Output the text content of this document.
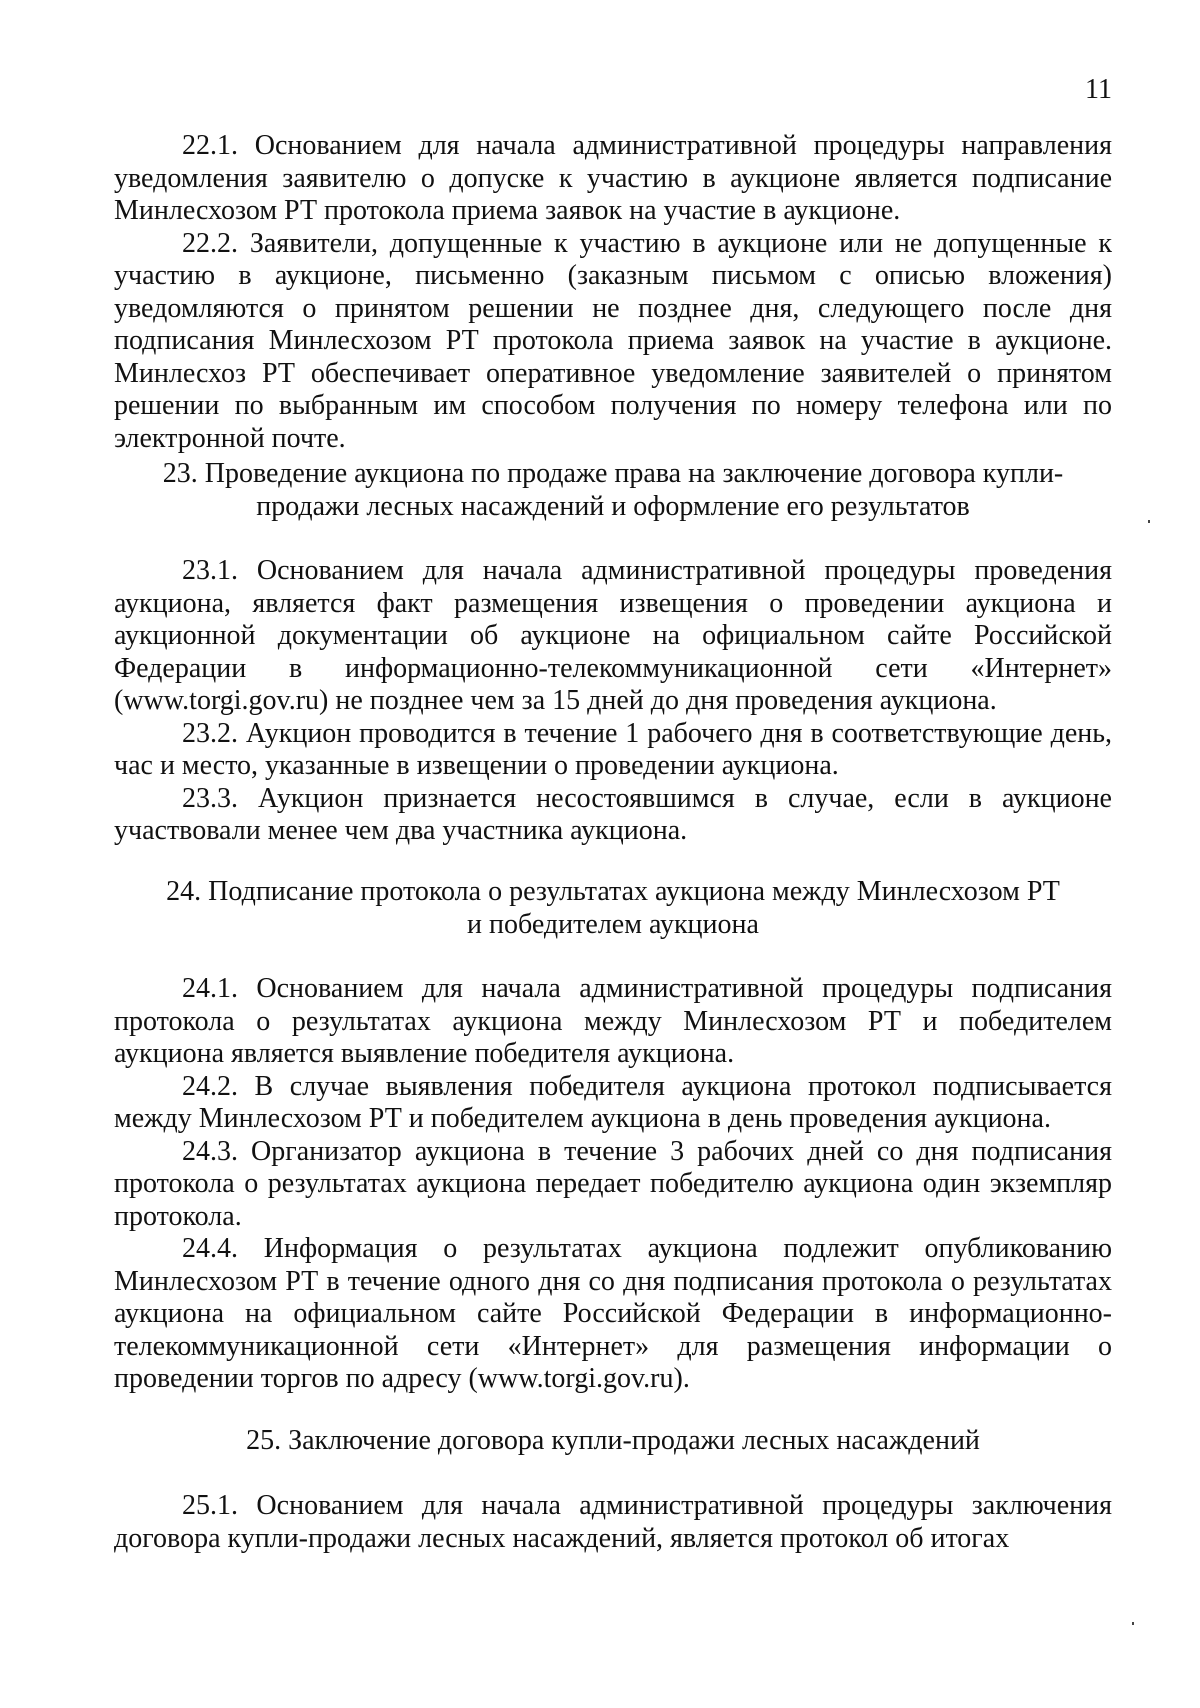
11

22.1. Основанием для начала административной процедуры направления уведомления заявителю о допуске к участию в аукционе является подписание Минлесхозом РТ протокола приема заявок на участие в аукционе.

22.2. Заявители, допущенные к участию в аукционе или не допущенные к участию в аукционе, письменно (заказным письмом с описью вложения) уведомляются о принятом решении не позднее дня, следующего после дня подписания Минлесхозом РТ протокола приема заявок на участие в аукционе. Минлесхоз РТ обеспечивает оперативное уведомление заявителей о принятом решении по выбранным им способом получения по номеру телефона или по электронной почте.

23. Проведение аукциона по продаже права на заключение договора купли-
продажи лесных насаждений и оформление его результатов

23.1. Основанием для начала административной процедуры проведения аукциона, является факт размещения извещения о проведении аукциона и аукционной документации об аукционе на официальном сайте Российской Федерации в информационно-телекоммуникационной сети «Интернет» (www.torgi.gov.ru) не позднее чем за 15 дней до дня проведения аукциона.

23.2. Аукцион проводится в течение 1 рабочего дня в соответствующие день, час и место, указанные в извещении о проведении аукциона.

23.3. Аукцион признается несостоявшимся в случае, если в аукционе участвовали менее чем два участника аукциона.

24. Подписание протокола о результатах аукциона между Минлесхозом РТ
и победителем аукциона

24.1. Основанием для начала административной процедуры подписания протокола о результатах аукциона между Минлесхозом РТ и победителем аукциона является выявление победителя аукциона.

24.2. В случае выявления победителя аукциона протокол подписывается между Минлесхозом РТ и победителем аукциона в день проведения аукциона.

24.3. Организатор аукциона в течение 3 рабочих дней со дня подписания протокола о результатах аукциона передает победителю аукциона один экземпляр протокола.

24.4. Информация о результатах аукциона подлежит опубликованию Минлесхозом РТ в течение одного дня со дня подписания протокола о результатах аукциона на официальном сайте Российской Федерации в информационно-телекоммуникационной сети «Интернет» для размещения информации о проведении торгов по адресу (www.torgi.gov.ru).

25. Заключение договора купли-продажи лесных насаждений

25.1. Основанием для начала административной процедуры заключения договора купли-продажи лесных насаждений, является протокол об итогах
